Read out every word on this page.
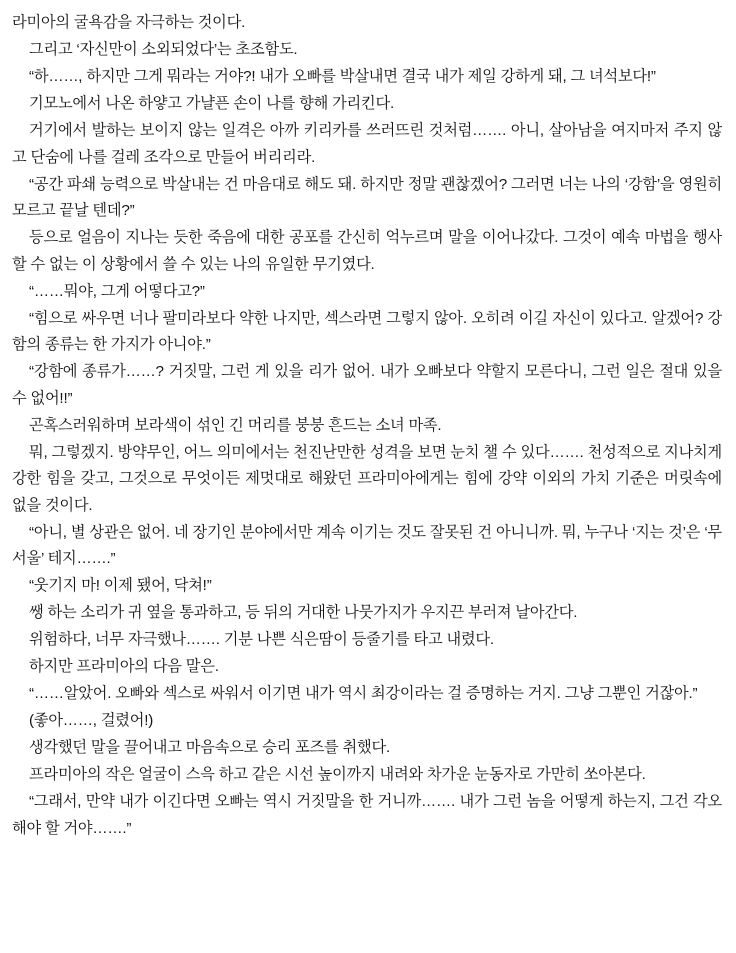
라미아의 굴욕감을 자극하는 것이다.

그리고 ‘자신만이 소외되었다’는 초조함도.

“하……, 하지만 그게 뭐라는 거야?! 내가 오빠를 박살내면 결국 내가 제일 강하게 돼, 그 녀석보다!”

기모노에서 나온 하얗고 가냘픈 손이 나를 향해 가리킨다.

거기에서 발하는 보이지 않는 일격은 아까 키리카를 쓰러뜨린 것처럼……. 아니, 살아남을 여지마저 주지 않고 단숨에 나를 걸레 조각으로 만들어 버리리라.

“공간 파쇄 능력으로 박살내는 건 마음대로 해도 돼. 하지만 정말 괜찮겠어? 그러면 너는 나의 ‘강함’을 영원히 모르고 끝날 텐데?”

등으로 얼음이 지나는 듯한 죽음에 대한 공포를 간신히 억누르며 말을 이어나갔다. 그것이 예속 마법을 행사할 수 없는 이 상황에서 쓸 수 있는 나의 유일한 무기였다.

“……뭐야, 그게 어떻다고?”

“힘으로 싸우면 너나 팔미라보다 약한 나지만, 섹스라면 그렇지 않아. 오히려 이길 자신이 있다고. 알겠어? 강함의 종류는 한 가지가 아니야.”

“강함에 종류가……? 거짓말, 그런 게 있을 리가 없어. 내가 오빠보다 약할지 모른다니, 그런 일은 절대 있을 수 없어!!”

곤혹스러워하며 보라색이 섞인 긴 머리를 붕붕 흔드는 소녀 마족.

뭐, 그렇겠지. 방약무인, 어느 의미에서는 천진난만한 성격을 보면 눈치 챌 수 있다……. 천성적으로 지나치게 강한 힘을 갖고, 그것으로 무엇이든 제멋대로 해왔던 프라미아에게는 힘에 강약 이외의 가치 기준은 머릿속에 없을 것이다.

“아니, 별 상관은 없어. 네 장기인 분야에서만 계속 이기는 것도 잘못된 건 아니니까. 뭐, 누구나 ‘지는 것’은 ‘무서울’ 테지…….”

“웃기지 마! 이제 됐어, 닥쳐!”

쌩 하는 소리가 귀 옆을 통과하고, 등 뒤의 거대한 나뭇가지가 우지끈 부러져 날아간다.

위험하다, 너무 자극했나……. 기분 나쁜 식은땀이 등줄기를 타고 내렸다.

하지만 프라미아의 다음 말은.

“……알았어. 오빠와 섹스로 싸워서 이기면 내가 역시 최강이라는 걸 증명하는 거지. 그냥 그뿐인 거잖아.”

(좋아……, 걸렸어!)

생각했던 말을 끌어내고 마음속으로 승리 포즈를 취했다.

프라미아의 작은 얼굴이 스윽 하고 같은 시선 높이까지 내려와 차가운 눈동자로 가만히 쏘아본다.

“그래서, 만약 내가 이긴다면 오빠는 역시 거짓말을 한 거니까……. 내가 그런 놈을 어떻게 하는지, 그건 각오해야 할 거야…….”
